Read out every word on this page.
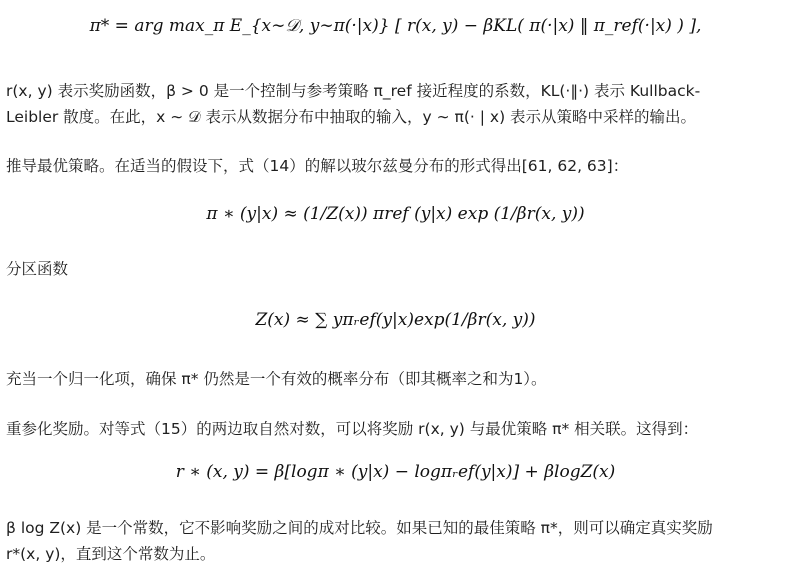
π* = arg max_π E_{x∼𝒟, y∼π(·|x)} [ r(x, y) − βKL( π(·|x) ‖ π_ref(·|x) ) ],
r(x, y) 表示奖励函数，β > 0 是一个控制与参考策略 π_ref 接近程度的系数，KL(·‖·) 表示 Kullback-
Leibler 散度。在此，x ∼ 𝒟 表示从数据分布中抽取的输入，y ∼ π(· | x) 表示从策略中采样的输出。
推导最优策略。在适当的假设下，式（14）的解以玻尔兹曼分布的形式得出[61, 62, 63]：
π ∗ (y|x) ≈ (1/Z(x)) πref (y|x) exp (1/βr(x, y))
分区函数
Z(x) ≈ ∑ yπᵣef(y|x)exp(1/βr(x, y))
充当一个归一化项，确保 π* 仍然是一个有效的概率分布（即其概率之和为1）。
重参化奖励。对等式（15）的两边取自然对数，可以将奖励 r(x, y) 与最优策略 π* 相关联。这得到：
r ∗ (x, y) = β[logπ ∗ (y|x) − logπᵣef(y|x)] + βlogZ(x)
β log Z(x) 是一个常数，它不影响奖励之间的成对比较。如果已知的最佳策略 π*，则可以确定真实奖励
r*(x, y)，直到这个常数为止。
